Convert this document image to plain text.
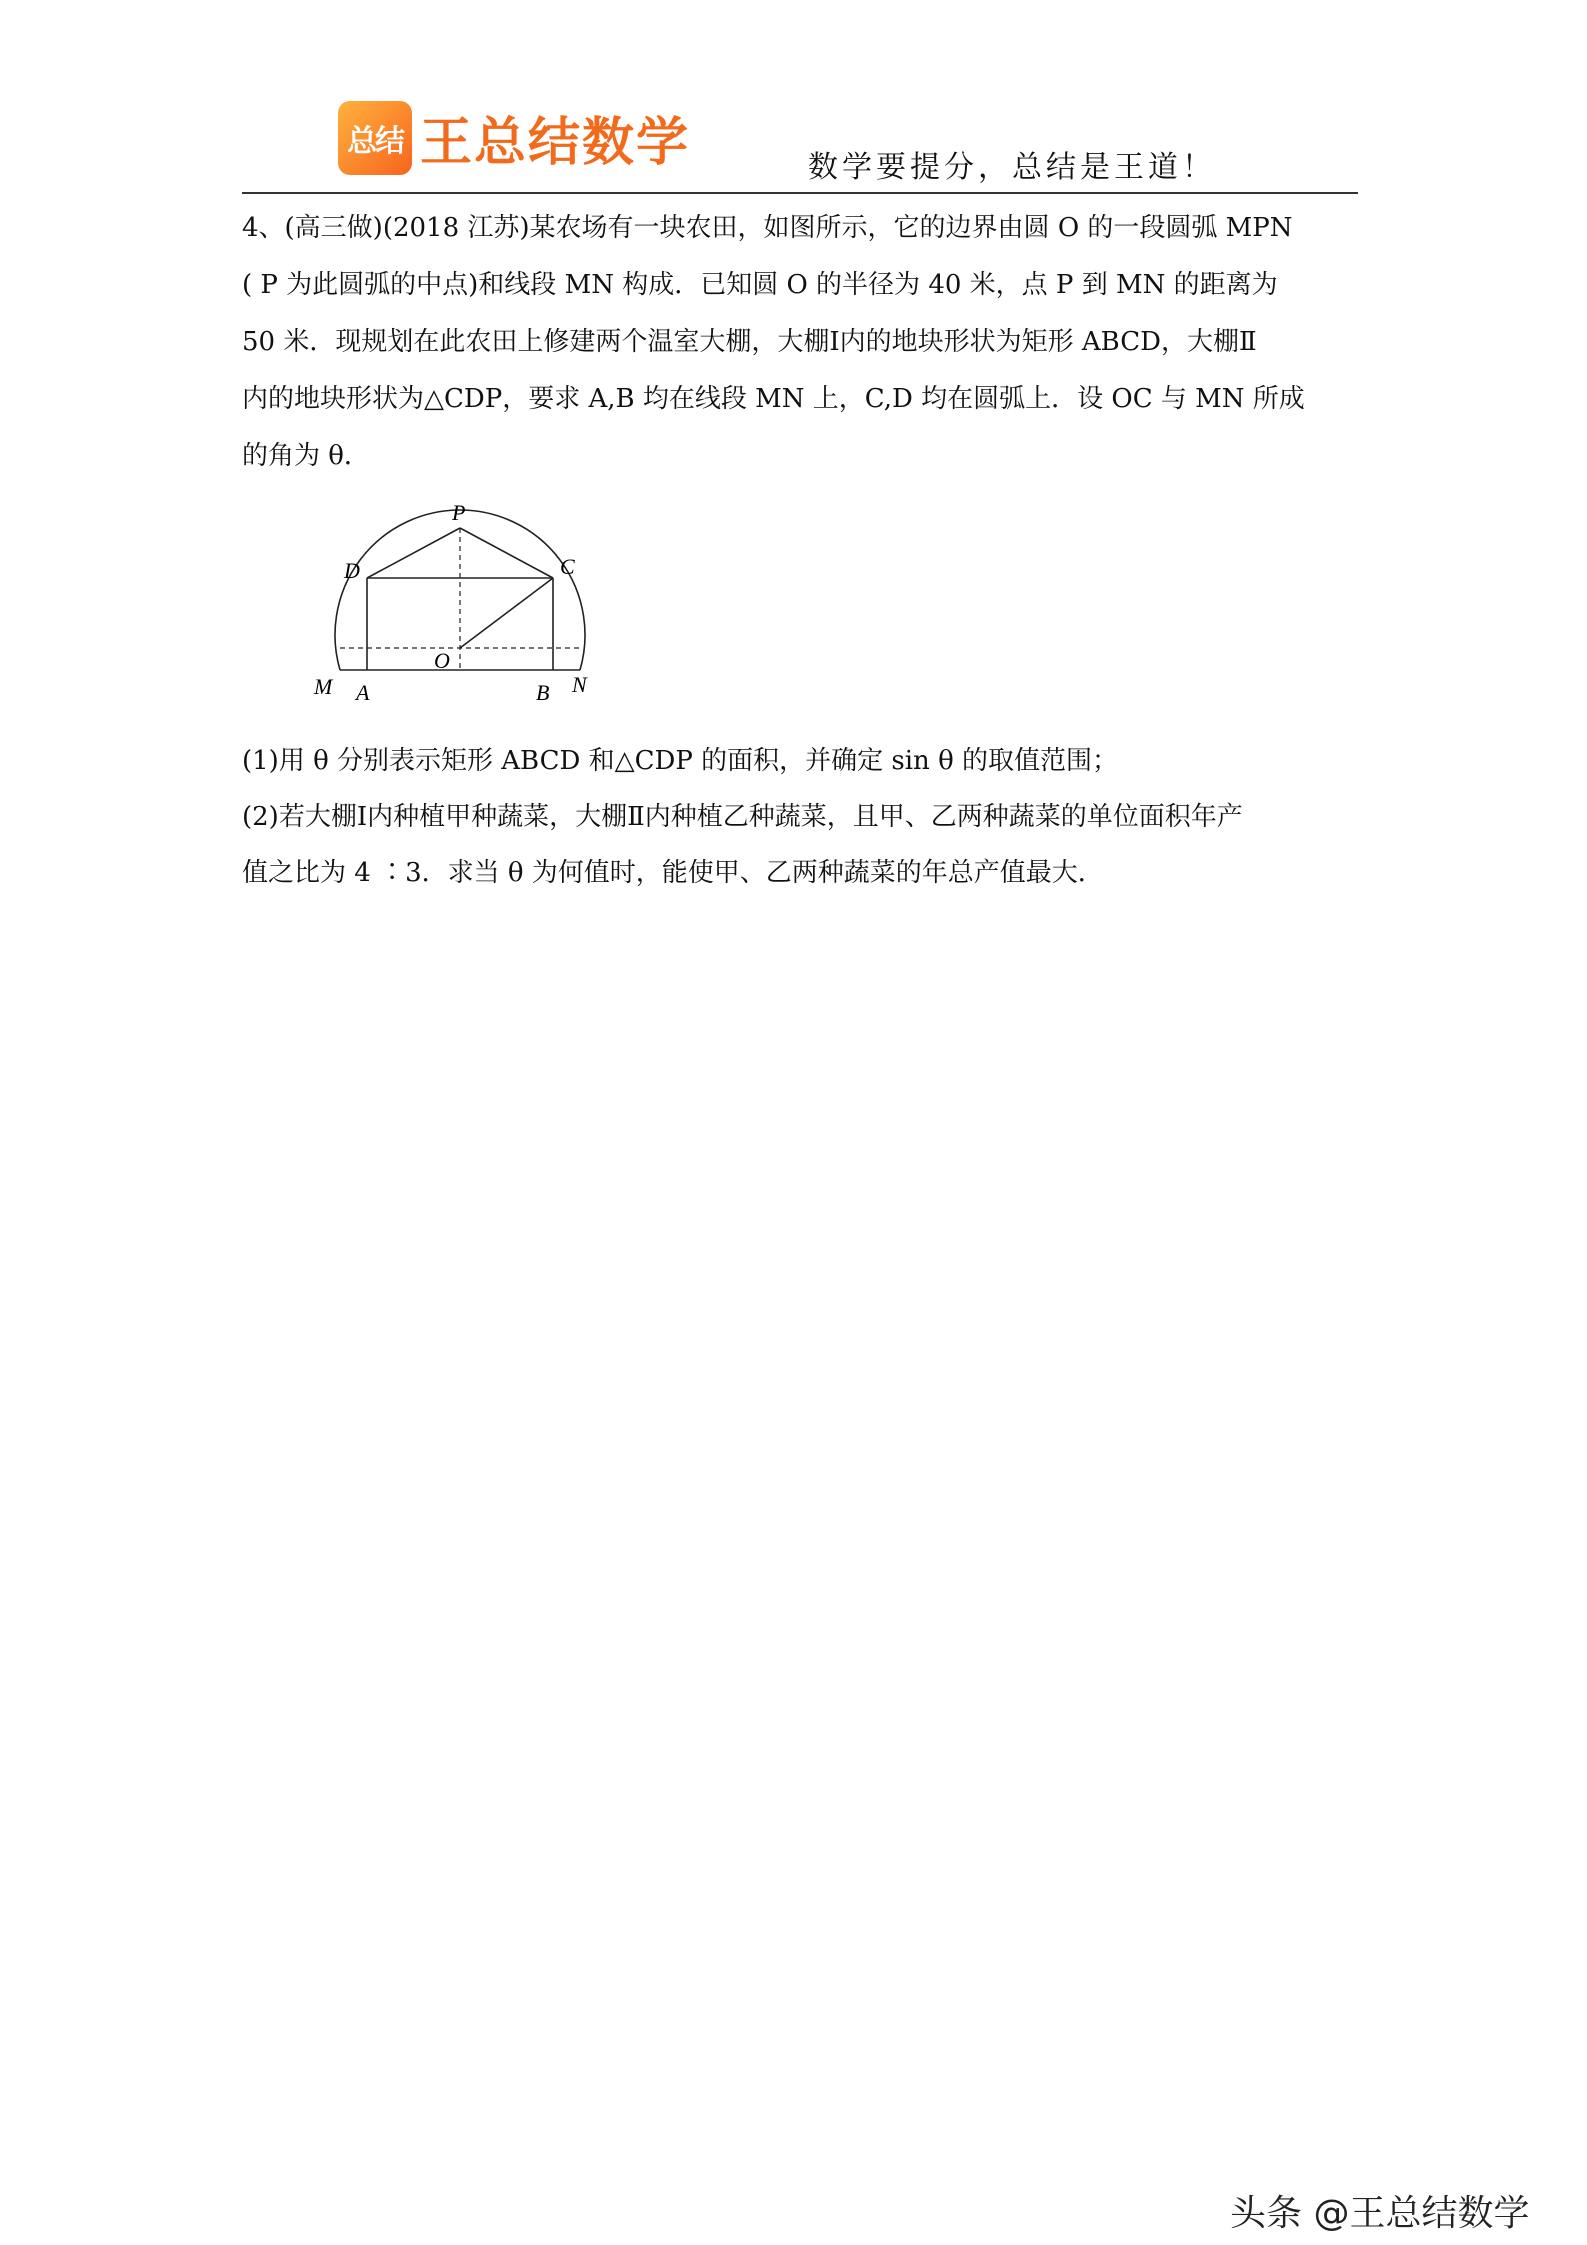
总结 王总结数学	数学要提分，总结是王道！
4、(高三做)(2018 江苏)某农场有一块农田，如图所示，它的边界由圆 O 的一段圆弧 MPN
( P 为此圆弧的中点)和线段 MN 构成．已知圆 O 的半径为 40 米，点 P 到 MN 的距离为
50 米．现规划在此农田上修建两个温室大棚，大棚Ⅰ内的地块形状为矩形 ABCD，大棚Ⅱ
内的地块形状为△CDP，要求 A,B 均在线段 MN 上，C,D 均在圆弧上．设 OC 与 MN 所成
的角为 θ．
P
D	C
O
M A	B N
(1)用 θ 分别表示矩形 ABCD 和△CDP 的面积，并确定 sin θ 的取值范围；
(2)若大棚Ⅰ内种植甲种蔬菜，大棚Ⅱ内种植乙种蔬菜，且甲、乙两种蔬菜的单位面积年产
值之比为 4 ∶3．求当 θ 为何值时，能使甲、乙两种蔬菜的年总产值最大．
头条 @王总结数学
